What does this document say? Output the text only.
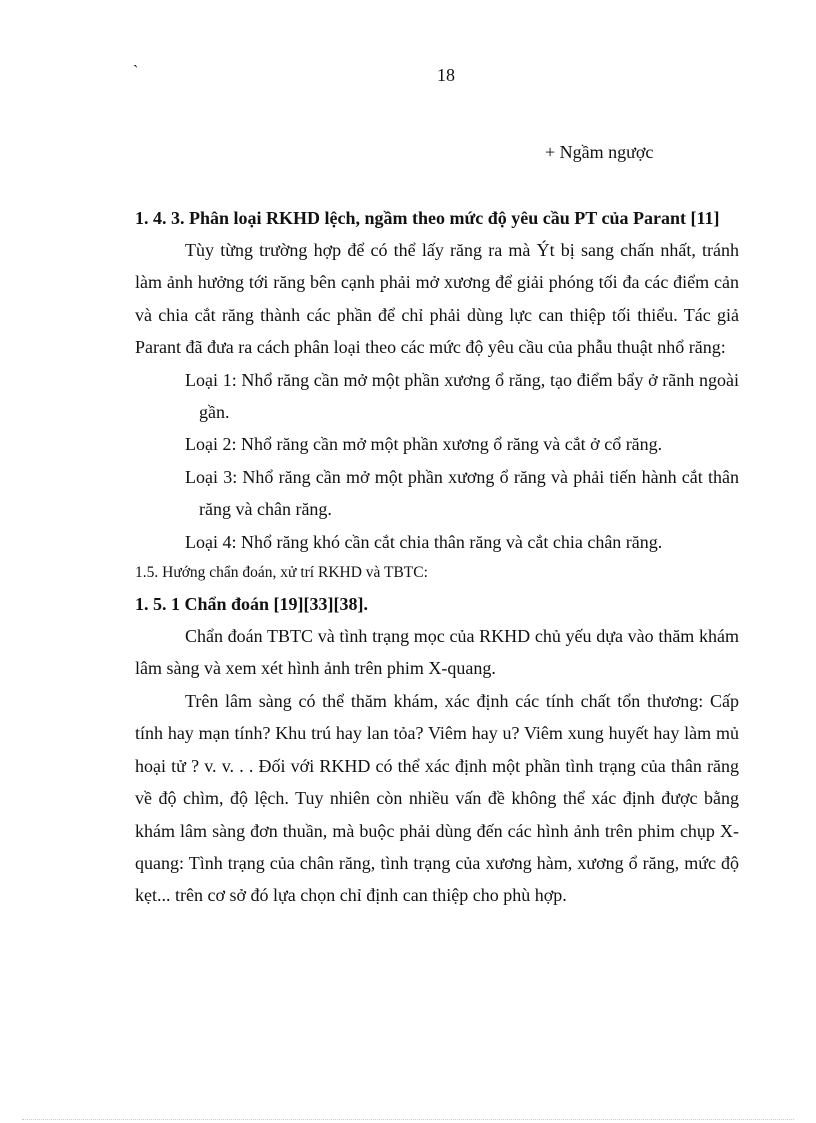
`	18
+ Ngầm ngược

1. 4. 3. Phân loại RKHD lệch, ngầm theo mức độ yêu cầu PT của Parant [11]

Tùy từng trường hợp để có thể lấy răng ra mà Ýt bị sang chấn nhất, tránh làm ảnh hưởng tới răng bên cạnh phải mở xương để giải phóng tối đa các điểm cản và chia cắt răng thành các phần để chỉ phải dùng lực can thiệp tối thiểu. Tác giả Parant đã đưa ra cách phân loại theo các mức độ yêu cầu của phẫu thuật nhổ răng:

Loại 1: Nhổ răng cần mở một phần xương ổ răng, tạo điểm bẩy ở rãnh ngoài gần.

Loại 2: Nhổ răng cần mở một phần xương ổ răng và cắt ở cổ răng.

Loại 3: Nhổ răng cần mở một phần xương ổ răng và phải tiến hành cắt thân răng và chân răng.

Loại 4: Nhổ răng khó cần cắt chia thân răng và cắt chia chân răng.

1.5. Hướng chẩn đoán, xử trí RKHD và TBTC:

1. 5. 1 Chẩn đoán [19][33][38].

Chẩn đoán TBTC và tình trạng mọc của RKHD chủ yếu dựa vào thăm khám lâm sàng và xem xét hình ảnh trên phim X-quang.

Trên lâm sàng có thể thăm khám, xác định các tính chất tổn thương: Cấp tính hay mạn tính? Khu trú hay lan tỏa? Viêm hay u? Viêm xung huyết hay làm mủ hoại tử ? v. v. . . Đối với RKHD có thể xác định một phần tình trạng của thân răng về độ chìm, độ lệch. Tuy nhiên còn nhiều vấn đề không thể xác định được bằng khám lâm sàng đơn thuần, mà buộc phải dùng đến các hình ảnh trên phim chụp X-quang: Tình trạng của chân răng, tình trạng của xương hàm, xương ổ răng, mức độ kẹt... trên cơ sở đó lựa chọn chỉ định can thiệp cho phù hợp.
